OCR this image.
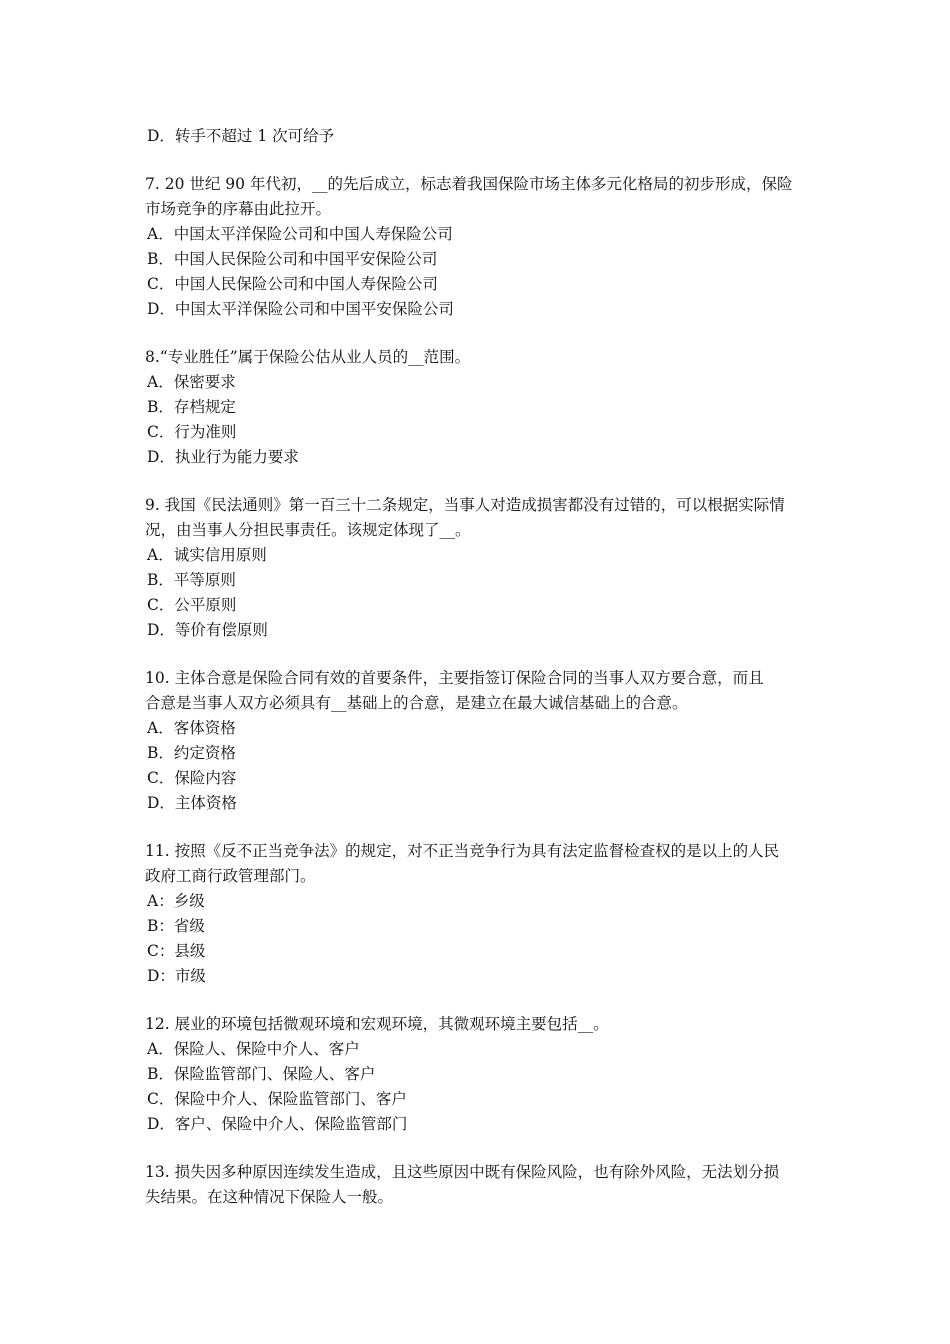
D．转手不超过 1 次可给予
7. 20 世纪 90 年代初，__的先后成立，标志着我国保险市场主体多元化格局的初步形成，保险
市场竞争的序幕由此拉开。
A．中国太平洋保险公司和中国人寿保险公司
B．中国人民保险公司和中国平安保险公司
C．中国人民保险公司和中国人寿保险公司
D．中国太平洋保险公司和中国平安保险公司
8.“专业胜任”属于保险公估从业人员的__范围。
A．保密要求
B．存档规定
C．行为准则
D．执业行为能力要求
9. 我国《民法通则》第一百三十二条规定，当事人对造成损害都没有过错的，可以根据实际情
况，由当事人分担民事责任。该规定体现了__。
A．诚实信用原则
B．平等原则
C．公平原则
D．等价有偿原则
10. 主体合意是保险合同有效的首要条件，主要指签订保险合同的当事人双方要合意，而且
合意是当事人双方必须具有__基础上的合意，是建立在最大诚信基础上的合意。
A．客体资格
B．约定资格
C．保险内容
D．主体资格
11. 按照《反不正当竞争法》的规定，对不正当竞争行为具有法定监督检查权的是以上的人民
政府工商行政管理部门。
A：乡级
B：省级
C：县级
D：市级
12. 展业的环境包括微观环境和宏观环境，其微观环境主要包括__。
A．保险人、保险中介人、客户
B．保险监管部门、保险人、客户
C．保险中介人、保险监管部门、客户
D．客户、保险中介人、保险监管部门
13. 损失因多种原因连续发生造成，且这些原因中既有保险风险，也有除外风险，无法划分损
失结果。在这种情况下保险人一般。
